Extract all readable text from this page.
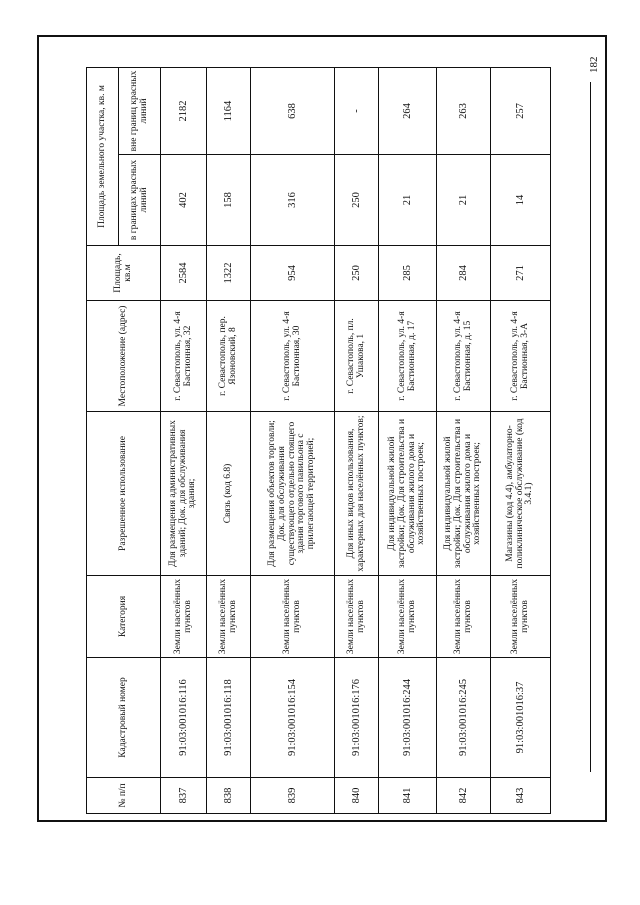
182
№ п/п	Кадастровый номер	Категория	Разрешенное использование	Местоположение (адрес)	Площадь, кв.м	Площадь земельного участка, кв. м	
						в границах красных линий	вне границ красных линий
837	91:03:001016:116	Земли населённых пунктов	Для размещения административных зданий; Док. для обслуживания здания;	г. Севастополь, ул. 4-я Бастионная, 32	2584	402	2182
838	91:03:001016:118	Земли населённых пунктов	Связь (код 6.8)	г. Севастополь, пер. Язоновский, 8	1322	158	1164
839	91:03:001016:154	Земли населённых пунктов	Для размещения объектов торговли; Док. для обслуживания существующего отдельно стоящего здания торгового павильона с прилегающей территорией;	г. Севастополь, ул. 4-я Бастионная, 30	954	316	638
840	91:03:001016:176	Земли населённых пунктов	Для иных видов использования, характерных для населённых пунктов;	г. Севастополь, пл. Ушакова, 1	250	250	-
841	91:03:001016:244	Земли населённых пунктов	Для индивидуальной жилой застройки; Док. Для строительства и обслуживания жилого дома и хозяйственных построек;	г. Севастополь, ул. 4-я Бастионная, д. 17	285	21	264
842	91:03:001016:245	Земли населённых пунктов	Для индивидуальной жилой застройки; Док. Для строительства и обслуживания жилого дома и хозяйственных построек;	г. Севастополь, ул. 4-я Бастионная, д. 15	284	21	263
843	91:03:001016:37	Земли населённых пунктов	Магазины (код 4.4), амбулаторно-поликлиническое обслуживание (код 3.4.1)	г. Севастополь, ул. 4-я Бастионная, 3-А	271	14	257
